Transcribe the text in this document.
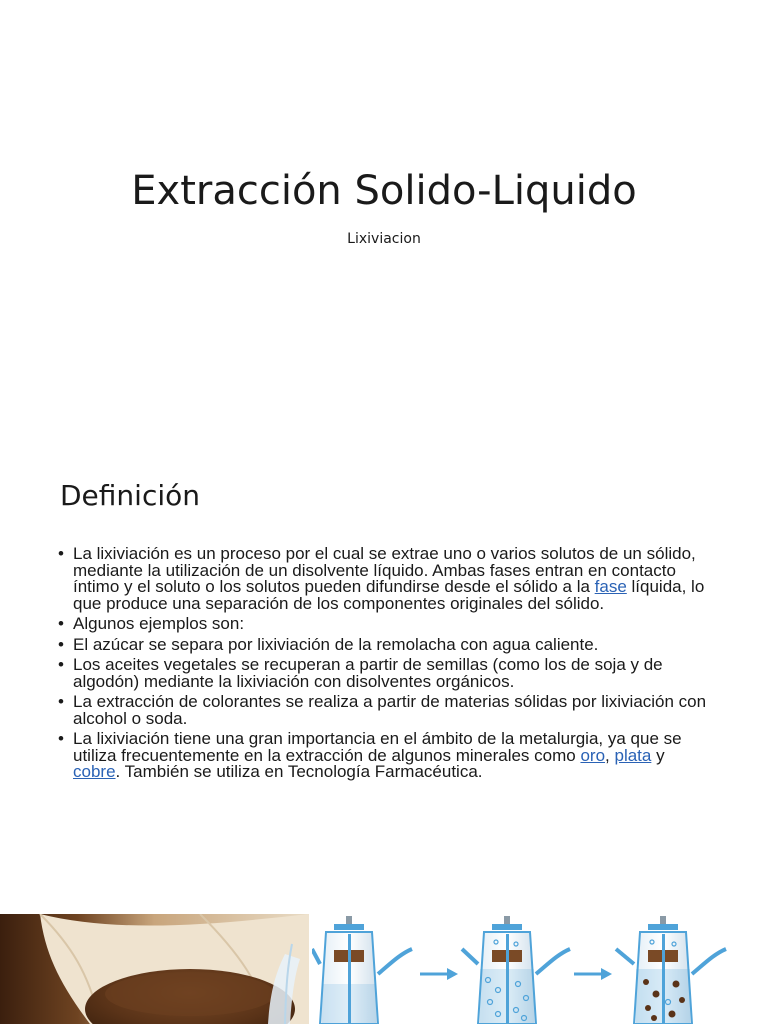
Extracción Solido-Liquido
Lixiviacion
Definición
• La lixiviación es un proceso por el cual se extrae uno o varios solutos de un sólido, mediante la utilización de un disolvente líquido. Ambas fases entran en contacto íntimo y el soluto o los solutos pueden difundirse desde el sólido a la fase líquida, lo que produce una separación de los componentes originales del sólido.
• Algunos ejemplos son:
• El azúcar se separa por lixiviación de la remolacha con agua caliente.
• Los aceites vegetales se recuperan a partir de semillas (como los de soja y de algodón) mediante la lixiviación con disolventes orgánicos.
• La extracción de colorantes se realiza a partir de materias sólidas por lixiviación con alcohol o soda.
• La lixiviación tiene una gran importancia en el ámbito de la metalurgia, ya que se utiliza frecuentemente en la extracción de algunos minerales como oro, plata y cobre. También se utiliza en Tecnología Farmacéutica.
